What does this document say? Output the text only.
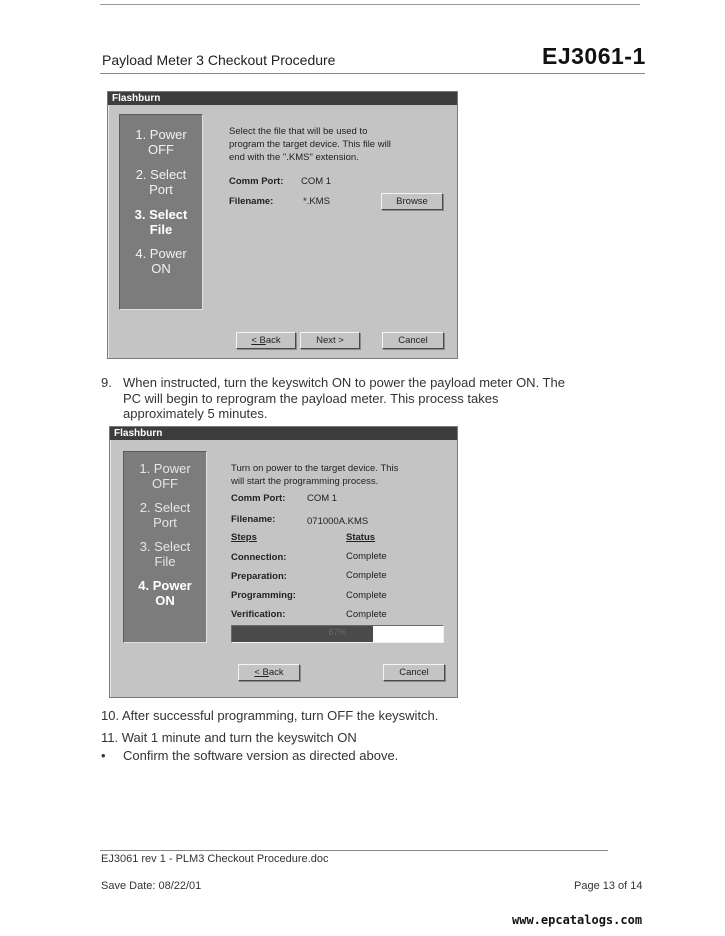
Payload Meter 3 Checkout Procedure	EJ3061-1
Flashburn
1. Power
OFF
2. Select
Port
3. Select
File
4. Power
ON
Select the file that will be used to
program the target device. This file will
end with the ".KMS" extension.
Comm Port: COM 1
Filename:	*.KMS	Browse
< Back	Next >	Cancel
9. When instructed, turn the keyswitch ON to power the payload meter ON. The
PC will begin to reprogram the payload meter. This process takes
approximately 5 minutes.
Flashburn
1. Power
OFF
2. Select
Port
3. Select
File
4. Power
ON
Turn on power to the target device. This
will start the programming process.
Comm Port: COM 1
Filename:	071000A.KMS
Steps	Status
Connection:	Complete
Preparation:	Complete
Programming:	Complete
Verification:	Complete
67%
< Back	Cancel
10. After successful programming, turn OFF the keyswitch.
11. Wait 1 minute and turn the keyswitch ON
• Confirm the software version as directed above.
EJ3061 rev 1 - PLM3 Checkout Procedure.doc
Save Date: 08/22/01	Page 13 of 14
www.epcatalogs.com
